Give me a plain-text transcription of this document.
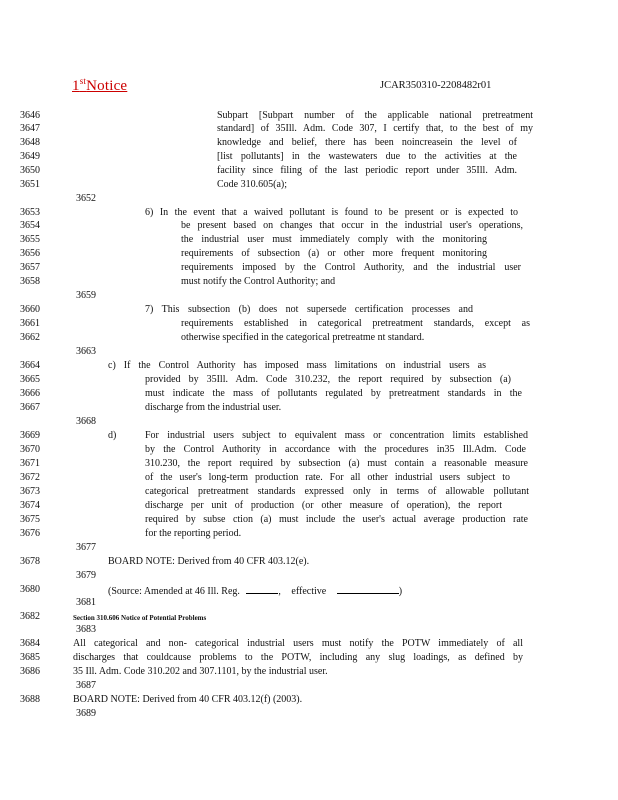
1stNotice	JCAR350310-2208482r01
3646
3647
3648
3649
3650
3651
3652
3653
3654
3655
3656
3657
3658
3659
3660
3661
3662
3663
3664
3665
3666
3667
3668
3669
3670
3671
3672
3673
3674
3675
3676
3677
3678
3679
3680
3681
3682
3683
3684
3685
3686
3687
3688
3689
Subpart [Subpart number of the applicable national pretreatment
standard] of 35Ill. Adm. Code 307, I certify that, to the best of my
knowledge and belief, there has been noincreasein the level of
[list pollutants] in the wastewaters due to the activities at the
facility since filing of the last periodic report under 35Ill. Adm.
Code 310.605(a);
6) In the event that a waived pollutant is found to be present or is expected to
be present based on changes that occur in the industrial user's operations,
the industrial user must immediately comply with the monitoring
requirements of subsection (a) or other more frequent monitoring
requirements imposed by the Control Authority, and the industrial user
must notify the Control Authority; and
7) This subsection (b) does not supersede certification processes and
requirements established in categorical pretreatment standards, except as
otherwise specified in the categorical pretreatme nt standard.
c) If the Control Authority has imposed mass limitations on industrial users as
provided by 35Ill. Adm. Code 310.232, the report required by subsection (a)
must indicate the mass of pollutants regulated by pretreatment standards in the
discharge from the industrial user.
d)	For industrial users subject to equivalent mass or concentration limits established
by the Control Authority in accordance with the procedures in35 Ill.Adm. Code
310.230, the report required by subsection (a) must contain a reasonable measure
of the user's long-term production rate. For all other industrial users subject to
categorical pretreatment standards expressed only in terms of allowable pollutant
discharge per unit of production (or other measure of operation), the report
required by subse ction (a) must include the user's actual average production rate
for the reporting period.
BOARD NOTE: Derived from 40 CFR 403.12(e).
(Source: Amended at 46 Ill. Reg.	, effective	)
Section 310.606 Notice of Potential Problems
All categorical and non- categorical industrial users must notify the POTW immediately of all
discharges that couldcause problems to the POTW, including any slug loadings, as defined by
35 Ill. Adm. Code 310.202 and 307.1101, by the industrial user.
BOARD NOTE: Derived from 40 CFR 403.12(f) (2003).
